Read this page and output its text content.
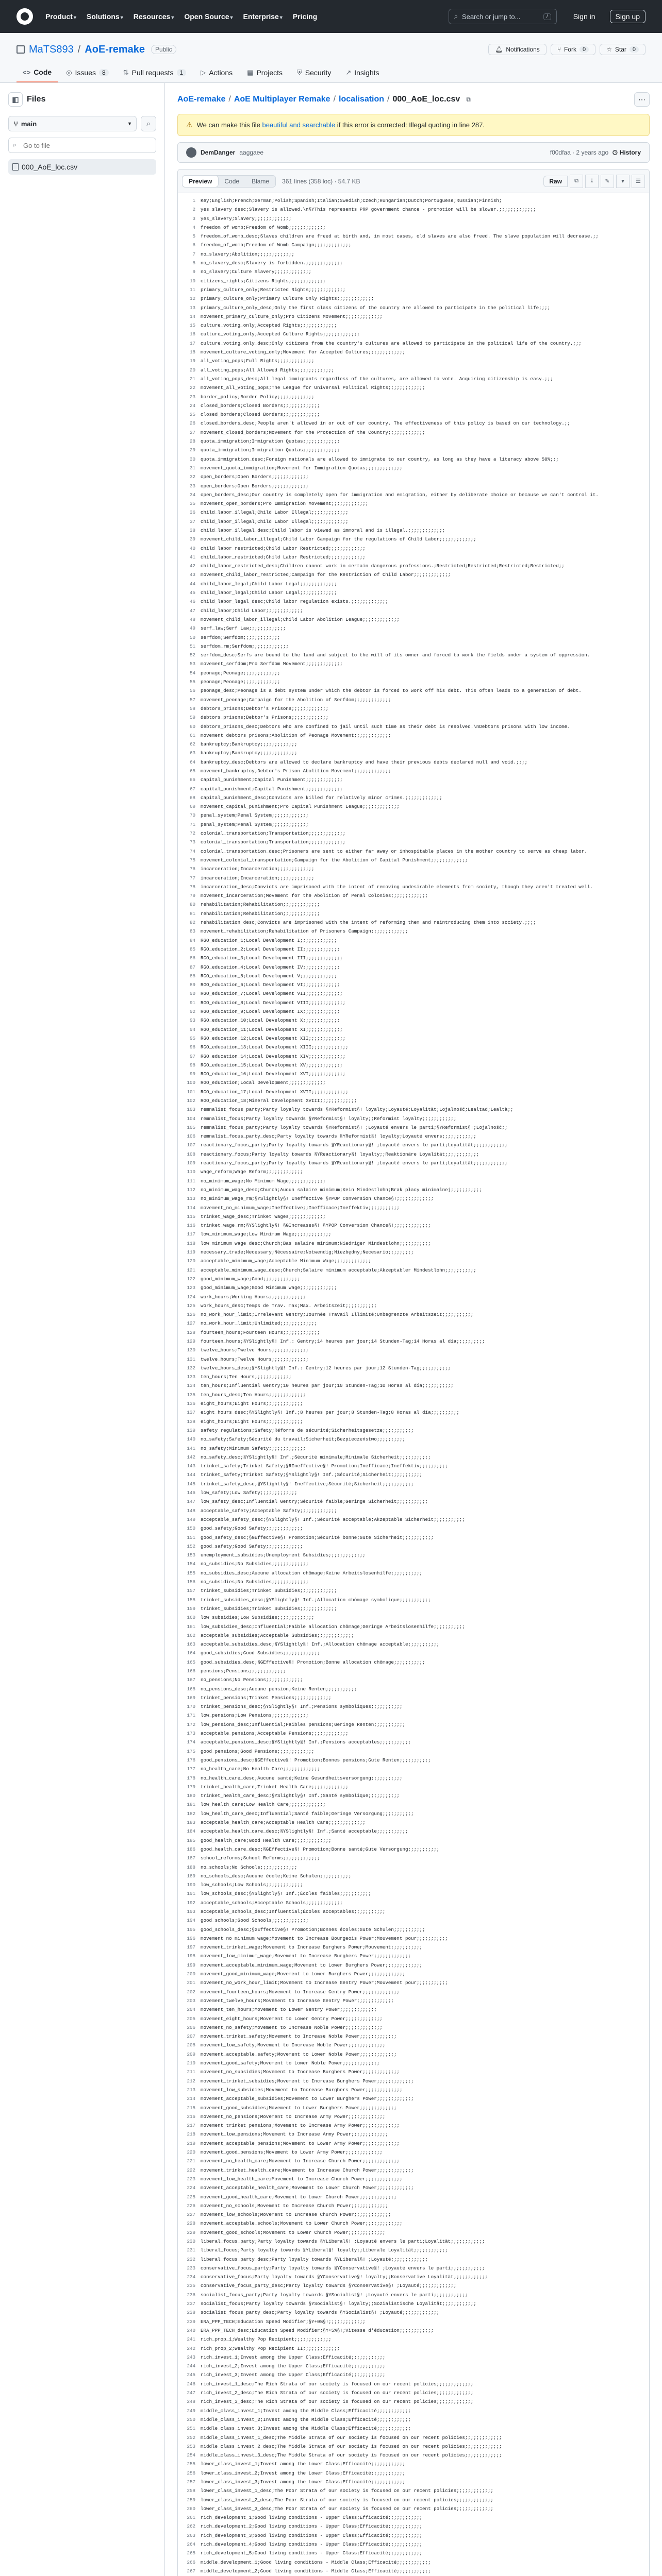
Product ▾ Solutions ▾ Resources ▾ Open Source ▾ Enterprise ▾ Pricing	⌕ Search or jump to...	/	Sign in	Sign up
MaTS893 / AoE-remake	Public	🔔︎ Notifications	⑂ Fork	0	☆ Star	0
<> Code ◎ Issues	8	⇅ Pull requests	1	▷ Actions ▦ Projects ⛨ Security ↗ Insights
◧ Files
⑂ main	▾ ⌕
⌕
Go to file
000_AoE_loc.csv
AoE-remake / AoE Multiplayer Remake / localisation / 000_AoE_loc.csv ⧉	⋯
⚠ We can make this file beautiful and searchable if this error is corrected: Illegal quoting in line 287.
DemDanger aaggaee	f00dfaa · 2 years ago 🕒︎ History
Preview	Code	Blame	361 lines (358 loc) · 54.7 KB	Raw	⧉	⤓	✎	▾	☰
1	Key;English;French;German;Polish;Spanish;Italian;Swedish;Czech;Hungarian;Dutch;Portuguese;Russian;Finnish;
2	yes_slavery_desc;Slavery is allowed.\n§YThis represents PRP government chance - promotion will be slower.;;;;;;;;;;;;;
3	yes_slavery;Slavery;;;;;;;;;;;;;
4	freedom_of_womb;Freedom of Womb;;;;;;;;;;;;;
5	freedom_of_womb_desc;Slaves children are freed at birth and, in most cases, old slaves are also freed. The slave population will decrease.;;
6	freedom_of_womb;Freedom of Womb Campaign;;;;;;;;;;;;;
7	no_slavery;Abolition;;;;;;;;;;;;;
8	no_slavery_desc;Slavery is forbidden.;;;;;;;;;;;;;
9	no_slavery;Culture Slavery;;;;;;;;;;;;;
10	citizens_rights;Citizens Rights;;;;;;;;;;;;;
11	primary_culture_only;Restricted Rights;;;;;;;;;;;;;
12	primary_culture_only;Primary Culture Only Rights;;;;;;;;;;;;;
13	primary_culture_only_desc;Only the first class citizens of the country are allowed to participate in the political life;;;;
14	movement_primary_culture_only;Pro Citizens Movement;;;;;;;;;;;;;
15	culture_voting_only;Accepted Rights;;;;;;;;;;;;;
16	culture_voting_only;Accepted Culture Rights;;;;;;;;;;;;;
17	culture_voting_only_desc;Only citizens from the country's cultures are allowed to participate in the political life of the country.;;;
18	movement_culture_voting_only;Movement for Accepted Cultures;;;;;;;;;;;;;
19	all_voting_pops;Full Rights;;;;;;;;;;;;;
20	all_voting_pops;All Allowed Rights;;;;;;;;;;;;;
21	all_voting_pops_desc;All legal immigrants regardless of the cultures, are allowed to vote. Acquiring citizenship is easy.;;;
22	movement_all_voting_pops;The League for Universal Political Rights;;;;;;;;;;;;;
23	border_policy;Border Policy;;;;;;;;;;;;;
24	closed_borders;Closed Borders;;;;;;;;;;;;;
25	closed_borders;Closed Borders;;;;;;;;;;;;;
26	closed_borders_desc;People aren't allowed in or out of our country. The effectiveness of this policy is based on our technology.;;
27	movement_closed_borders;Movement for the Protection of the Country;;;;;;;;;;;;;
28	quota_immigration;Immigration Quotas;;;;;;;;;;;;;
29	quota_immigration;Immigration Quotas;;;;;;;;;;;;;
30	quota_immigration_desc;Foreign nationals are allowed to immigrate to our country, as long as they have a literacy above 50%;;;
31	movement_quota_immigration;Movement for Immigration Quotas;;;;;;;;;;;;;
32	open_borders;Open Borders;;;;;;;;;;;;;
33	open_borders;Open Borders;;;;;;;;;;;;;
34	open_borders_desc;Our country is completely open for immigration and emigration, either by deliberate choice or because we can't control it.
35	movement_open_borders;Pro Immigration Movement;;;;;;;;;;;;;
36	child_labor_illegal;Child Labor Illegal;;;;;;;;;;;;;
37	child_labor_illegal;Child Labor Illegal;;;;;;;;;;;;;
38	child_labor_illegal_desc;Child labor is viewed as immoral and is illegal.;;;;;;;;;;;;;
39	movement_child_labor_illegal;Child Labor Campaign for the regulations of Child Labor;;;;;;;;;;;;;
40	child_labor_restricted;Child Labor Restricted;;;;;;;;;;;;;
41	child_labor_restricted;Child Labor Restricted;;;;;;;;;;;;;
42	child_labor_restricted_desc;Children cannot work in certain dangerous professions.;Restricted;Restricted;Restricted;Restricted;;
43	movement_child_labor_restricted;Campaign for the Restriction of Child Labor;;;;;;;;;;;;;
44	child_labor_legal;Child Labor Legal;;;;;;;;;;;;;
45	child_labor_legal;Child Labor Legal;;;;;;;;;;;;;
46	child_labor_legal_desc;Child labor regulation exists.;;;;;;;;;;;;;
47	child_labor;Child Labor;;;;;;;;;;;;;
48	movement_child_labor_illegal;Child Labor Abolition League;;;;;;;;;;;;;
49	serf_law;Serf Law;;;;;;;;;;;;;
50	serfdom;Serfdom;;;;;;;;;;;;;
51	serfdom_rm;Serfdom;;;;;;;;;;;;;
52	serfdom_desc;Serfs are bound to the land and subject to the will of its owner and forced to work the fields under a system of oppression.
53	movement_serfdom;Pro Serfdom Movement;;;;;;;;;;;;;
54	peonage;Peonage;;;;;;;;;;;;;
55	peonage;Peonage;;;;;;;;;;;;;
56	peonage_desc;Peonage is a debt system under which the debtor is forced to work off his debt. This often leads to a generation of debt.
57	movement_peonage;Campaign for the Abolition of Serfdom;;;;;;;;;;;;;
58	debtors_prisons;Debtor's Prisons;;;;;;;;;;;;;
59	debtors_prisons;Debtor's Prisons;;;;;;;;;;;;;
60	debtors_prisons_desc;Debtors who are confined to jail until such time as their debt is resolved.\nDebtors prisons with low income.
61	movement_debtors_prisons;Abolition of Peonage Movement;;;;;;;;;;;;;
62	bankruptcy;Bankruptcy;;;;;;;;;;;;;
63	bankruptcy;Bankruptcy;;;;;;;;;;;;;
64	bankruptcy_desc;Debtors are allowed to declare bankruptcy and have their previous debts declared null and void.;;;;
65	movement_bankruptcy;Debtor's Prison Abolition Movement;;;;;;;;;;;;;
66	capital_punishment;Capital Punishment;;;;;;;;;;;;;
67	capital_punishment;Capital Punishment;;;;;;;;;;;;;
68	capital_punishment_desc;Convicts are killed for relatively minor crimes.;;;;;;;;;;;;;
69	movement_capital_punishment;Pro Capital Punishment League;;;;;;;;;;;;;
70	penal_system;Penal System;;;;;;;;;;;;;
71	penal_system;Penal System;;;;;;;;;;;;;
72	colonial_transportation;Transportation;;;;;;;;;;;;;
73	colonial_transportation;Transportation;;;;;;;;;;;;;
74	colonial_transportation_desc;Prisoners are sent to either far away or inhospitable places in the mother country to serve as cheap labor.
75	movement_colonial_transportation;Campaign for the Abolition of Capital Punishment;;;;;;;;;;;;;
76	incarceration;Incarceration;;;;;;;;;;;;;
77	incarceration;Incarceration;;;;;;;;;;;;;
78	incarceration_desc;Convicts are imprisoned with the intent of removing undesirable elements from society, though they aren't treated well.
79	movement_incarceration;Movement for the Abolition of Penal Colonies;;;;;;;;;;;;;
80	rehabilitation;Rehabilitation;;;;;;;;;;;;;
81	rehabilitation;Rehabilitation;;;;;;;;;;;;;
82	rehabilitation_desc;Convicts are imprisoned with the intent of reforming them and reintroducing them into society.;;;;
83	movement_rehabilitation;Rehabilitation of Prisoners Campaign;;;;;;;;;;;;;
84	RGO_education_1;Local Development I;;;;;;;;;;;;;
85	RGO_education_2;Local Development II;;;;;;;;;;;;;
86	RGO_education_3;Local Development III;;;;;;;;;;;;;
87	RGO_education_4;Local Development IV;;;;;;;;;;;;;
88	RGO_education_5;Local Development V;;;;;;;;;;;;;
89	RGO_education_6;Local Development VI;;;;;;;;;;;;;
90	RGO_education_7;Local Development VII;;;;;;;;;;;;;
91	RGO_education_8;Local Development VIII;;;;;;;;;;;;;
92	RGO_education_9;Local Development IX;;;;;;;;;;;;;
93	RGO_education_10;Local Development X;;;;;;;;;;;;;
94	RGO_education_11;Local Development XI;;;;;;;;;;;;;
95	RGO_education_12;Local Development XII;;;;;;;;;;;;;
96	RGO_education_13;Local Development XIII;;;;;;;;;;;;;
97	RGO_education_14;Local Development XIV;;;;;;;;;;;;;
98	RGO_education_15;Local Development XV;;;;;;;;;;;;;
99	RGO_education_16;Local Development XVI;;;;;;;;;;;;;
100	RGO_education;Local Development;;;;;;;;;;;;;
101	RGO_education_17;Local Development XVII;;;;;;;;;;;;;
102	RGO_education_18;Mineral Development XVIII;;;;;;;;;;;;;
103	remnalist_focus_party;Party loyalty towards §YReformist§! loyalty;Loyauté;Loyalität;Lojalność;Lealtad;Lealtà;;
104	remnalist_focus;Party loyalty towards §YReformist§! loyalty;;Reformist loyalty;;;;;;;;;;;;
105	remnalist_focus_party;Party loyalty towards §YReformist§! ;Loyauté envers le parti;§YReformist§!;Lojalność;;
106	remnalist_focus_party_desc;Party loyalty towards §YReformist§! loyalty;Loyauté envers;;;;;;;;;;;;
107	reactionary_focus_party;Party loyalty towards §YReactionary§! ;Loyauté envers le parti;Loyalität;;;;;;;;;;;;
108	reactionary_focus;Party loyalty towards §YReactionary§! loyalty;;Reaktionäre Loyalität;;;;;;;;;;;;
109	reactionary_focus_party;Party loyalty towards §YReactionary§! ;Loyauté envers le parti;Loyalität;;;;;;;;;;;;
110	wage_reform;Wage Reform;;;;;;;;;;;;;
111	no_minimum_wage;No Minimum Wage;;;;;;;;;;;;;
112	no_minimum_wage_desc;Church;Aucun salaire minimum;Kein Mindestlohn;Brak płacy minimalnej;;;;;;;;;;;
113	no_minimum_wage_rm;§YSlightly§! Ineffective §YPOP Conversion Chance§!;;;;;;;;;;;;;
114	movement_no_minimum_wage;Ineffective;;Inefficace;Ineffektiv;;;;;;;;;;;
115	trinket_wage_desc;Trinket Wages;;;;;;;;;;;;;
116	trinket_wage_rm;§YSlightly§! §GIncreases§! §YPOP Conversion Chance§!;;;;;;;;;;;;;
117	low_minimum_wage;Low Minimum Wage;;;;;;;;;;;;;
118	low_minimum_wage_desc;Church;Bas salaire minimum;Niedriger Mindestlohn;;;;;;;;;;;
119	necessary_trade;Necessary;Nécessaire;Notwendig;Niezbędny;Necesario;;;;;;;;;
120	acceptable_minimum_wage;Acceptable Minimum Wage;;;;;;;;;;;;;
121	acceptable_minimum_wage_desc;Church;Salaire minimum acceptable;Akzeptabler Mindestlohn;;;;;;;;;;;
122	good_minimum_wage;Good;;;;;;;;;;;;;
123	good_minimum_wage;Good Minimum Wage;;;;;;;;;;;;;
124	work_hours;Working Hours;;;;;;;;;;;;;
125	work_hours_desc;Temps de Trav. max;Max. Arbeitszeit;;;;;;;;;;;
126	no_work_hour_limit;Irrelevant Gentry;Journée Travail Illimité;Unbegrenzte Arbeitszeit;;;;;;;;;;;
127	no_work_hour_limit;Unlimited;;;;;;;;;;;;;
128	fourteen_hours;Fourteen Hours;;;;;;;;;;;;;
129	fourteen_hours;§YSlightly§! Inf.: Gentry;14 heures par jour;14 Stunden-Tag;14 Horas al día;;;;;;;;;;
130	twelve_hours;Twelve Hours;;;;;;;;;;;;;
131	twelve_hours;Twelve Hours;;;;;;;;;;;;;
132	twelve_hours_desc;§YSlightly§! Inf.: Gentry;12 heures par jour;12 Stunden-Tag;;;;;;;;;;;
133	ten_hours;Ten Hours;;;;;;;;;;;;;
134	ten_hours;Influential Gentry;10 heures par jour;10 Stunden-Tag;10 Horas al día;;;;;;;;;;;
135	ten_hours_desc;Ten Hours;;;;;;;;;;;;;
136	eight_hours;Eight Hours;;;;;;;;;;;;;
137	eight_hours_desc;§YSlightly§! Inf.;8 heures par jour;8 Stunden-Tag;8 Horas al día;;;;;;;;;;
138	eight_hours;Eight Hours;;;;;;;;;;;;;
139	safety_regulations;Safety;Réforme de sécurité;Sicherheitsgesetze;;;;;;;;;;;
140	no_safety;Safety;Sécurité du travail;Sicherheit;Bezpieczeństwo;;;;;;;;;;
141	no_safety;Minimum Safety;;;;;;;;;;;;;
142	no_safety_desc;§YSlightly§! Inf.;Sécurité minimale;Minimale Sicherheit;;;;;;;;;;;
143	trinket_safety;Trinket Safety;§RIneffective§! Promotion;Inefficace;Ineffektiv;;;;;;;;;;
144	trinket_safety;Trinket Safety;§YSlightly§! Inf.;Sécurité;Sicherheit;;;;;;;;;;;
145	trinket_safety_desc;§YSlightly§! Ineffective;Sécurité;Sicherheit;;;;;;;;;;;
146	low_safety;Low Safety;;;;;;;;;;;;;
147	low_safety_desc;Influential Gentry;Sécurité faible;Geringe Sicherheit;;;;;;;;;;;
148	acceptable_safety;Acceptable Safety;;;;;;;;;;;;;
149	acceptable_safety_desc;§YSlightly§! Inf.;Sécurité acceptable;Akzeptable Sicherheit;;;;;;;;;;;
150	good_safety;Good Safety;;;;;;;;;;;;;
151	good_safety_desc;§GEffective§! Promotion;Sécurité bonne;Gute Sicherheit;;;;;;;;;;;
152	good_safety;Good Safety;;;;;;;;;;;;;
153	unemployment_subsidies;Unemployment Subsidies;;;;;;;;;;;;;
154	no_subsidies;No Subsidies;;;;;;;;;;;;;
155	no_subsidies_desc;Aucune allocation chômage;Keine Arbeitslosenhilfe;;;;;;;;;;;
156	no_subsidies;No Subsidies;;;;;;;;;;;;;
157	trinket_subsidies;Trinket Subsidies;;;;;;;;;;;;;
158	trinket_subsidies_desc;§YSlightly§! Inf.;Allocation chômage symbolique;;;;;;;;;;;
159	trinket_subsidies;Trinket Subsidies;;;;;;;;;;;;;
160	low_subsidies;Low Subsidies;;;;;;;;;;;;;
161	low_subsidies_desc;Influential;Faible allocation chômage;Geringe Arbeitslosenhilfe;;;;;;;;;;;
162	acceptable_subsidies;Acceptable Subsidies;;;;;;;;;;;;;
163	acceptable_subsidies_desc;§YSlightly§! Inf.;Allocation chômage acceptable;;;;;;;;;;;
164	good_subsidies;Good Subsidies;;;;;;;;;;;;;
165	good_subsidies_desc;§GEffective§! Promotion;Bonne allocation chômage;;;;;;;;;;;
166	pensions;Pensions;;;;;;;;;;;;;
167	no_pensions;No Pensions;;;;;;;;;;;;;
168	no_pensions_desc;Aucune pension;Keine Renten;;;;;;;;;;;
169	trinket_pensions;Trinket Pensions;;;;;;;;;;;;;
170	trinket_pensions_desc;§YSlightly§! Inf.;Pensions symboliques;;;;;;;;;;;
171	low_pensions;Low Pensions;;;;;;;;;;;;;
172	low_pensions_desc;Influential;Faibles pensions;Geringe Renten;;;;;;;;;;;
173	acceptable_pensions;Acceptable Pensions;;;;;;;;;;;;;
174	acceptable_pensions_desc;§YSlightly§! Inf.;Pensions acceptables;;;;;;;;;;;
175	good_pensions;Good Pensions;;;;;;;;;;;;;
176	good_pensions_desc;§GEffective§! Promotion;Bonnes pensions;Gute Renten;;;;;;;;;;;
177	no_health_care;No Health Care;;;;;;;;;;;;;
178	no_health_care_desc;Aucune santé;Keine Gesundheitsversorgung;;;;;;;;;;;
179	trinket_health_care;Trinket Health Care;;;;;;;;;;;;;
180	trinket_health_care_desc;§YSlightly§! Inf.;Santé symbolique;;;;;;;;;;;
181	low_health_care;Low Health Care;;;;;;;;;;;;;
182	low_health_care_desc;Influential;Santé faible;Geringe Versorgung;;;;;;;;;;;
183	acceptable_health_care;Acceptable Health Care;;;;;;;;;;;;;
184	acceptable_health_care_desc;§YSlightly§! Inf.;Santé acceptable;;;;;;;;;;;
185	good_health_care;Good Health Care;;;;;;;;;;;;;
186	good_health_care_desc;§GEffective§! Promotion;Bonne santé;Gute Versorgung;;;;;;;;;;;
187	school_reforms;School Reforms;;;;;;;;;;;;;
188	no_schools;No Schools;;;;;;;;;;;;;
189	no_schools_desc;Aucune école;Keine Schulen;;;;;;;;;;;
190	low_schools;Low Schools;;;;;;;;;;;;;
191	low_schools_desc;§YSlightly§! Inf.;Écoles faibles;;;;;;;;;;;
192	acceptable_schools;Acceptable Schools;;;;;;;;;;;;;
193	acceptable_schools_desc;Influential;Écoles acceptables;;;;;;;;;;;
194	good_schools;Good Schools;;;;;;;;;;;;;
195	good_schools_desc;§GEffective§! Promotion;Bonnes écoles;Gute Schulen;;;;;;;;;;;
196	movement_no_minimum_wage;Movement to Increase Bourgeois Power;Mouvement pour;;;;;;;;;;;
197	movement_trinket_wage;Movement to Increase Burghers Power;Mouvement;;;;;;;;;;;
198	movement_low_minimum_wage;Movement to Increase Burghers Power;;;;;;;;;;;;;
199	movement_acceptable_minimum_wage;Movement to Lower Burghers Power;;;;;;;;;;;;;
200	movement_good_minimum_wage;Movement to Lower Burghers Power;;;;;;;;;;;;;
201	movement_no_work_hour_limit;Movement to Increase Gentry Power;Mouvement pour;;;;;;;;;;;
202	movement_fourteen_hours;Movement to Increase Gentry Power;;;;;;;;;;;;;
203	movement_twelve_hours;Movement to Increase Gentry Power;;;;;;;;;;;;;
204	movement_ten_hours;Movement to Lower Gentry Power;;;;;;;;;;;;;
205	movement_eight_hours;Movement to Lower Gentry Power;;;;;;;;;;;;;
206	movement_no_safety;Movement to Increase Noble Power;;;;;;;;;;;;;
207	movement_trinket_safety;Movement to Increase Noble Power;;;;;;;;;;;;;
208	movement_low_safety;Movement to Increase Noble Power;;;;;;;;;;;;;
209	movement_acceptable_safety;Movement to Lower Noble Power;;;;;;;;;;;;;
210	movement_good_safety;Movement to Lower Noble Power;;;;;;;;;;;;;
211	movement_no_subsidies;Movement to Increase Burghers Power;;;;;;;;;;;;;
212	movement_trinket_subsidies;Movement to Increase Burghers Power;;;;;;;;;;;;;
213	movement_low_subsidies;Movement to Increase Burghers Power;;;;;;;;;;;;;
214	movement_acceptable_subsidies;Movement to Lower Burghers Power;;;;;;;;;;;;;
215	movement_good_subsidies;Movement to Lower Burghers Power;;;;;;;;;;;;;
216	movement_no_pensions;Movement to Increase Army Power;;;;;;;;;;;;;
217	movement_trinket_pensions;Movement to Increase Army Power;;;;;;;;;;;;;
218	movement_low_pensions;Movement to Increase Army Power;;;;;;;;;;;;;
219	movement_acceptable_pensions;Movement to Lower Army Power;;;;;;;;;;;;;
220	movement_good_pensions;Movement to Lower Army Power;;;;;;;;;;;;;
221	movement_no_health_care;Movement to Increase Church Power;;;;;;;;;;;;;
222	movement_trinket_health_care;Movement to Increase Church Power;;;;;;;;;;;;;
223	movement_low_health_care;Movement to Increase Church Power;;;;;;;;;;;;;
224	movement_acceptable_health_care;Movement to Lower Church Power;;;;;;;;;;;;;
225	movement_good_health_care;Movement to Lower Church Power;;;;;;;;;;;;;
226	movement_no_schools;Movement to Increase Church Power;;;;;;;;;;;;;
227	movement_low_schools;Movement to Increase Church Power;;;;;;;;;;;;;
228	movement_acceptable_schools;Movement to Lower Church Power;;;;;;;;;;;;;
229	movement_good_schools;Movement to Lower Church Power;;;;;;;;;;;;;
230	liberal_focus_party;Party loyalty towards §YLiberal§! ;Loyauté envers le parti;Loyalität;;;;;;;;;;;;
231	liberal_focus;Party loyalty towards §YLiberal§! loyalty;;Liberale Loyalität;;;;;;;;;;;;
232	liberal_focus_party_desc;Party loyalty towards §YLiberal§! ;Loyauté;;;;;;;;;;;;;
233	conservative_focus_party;Party loyalty towards §YConservative§! ;Loyauté envers le parti;;;;;;;;;;;;
234	conservative_focus;Party loyalty towards §YConservative§! loyalty;;Konservative Loyalität;;;;;;;;;;;;
235	conservative_focus_party_desc;Party loyalty towards §YConservative§! ;Loyauté;;;;;;;;;;;;;
236	socialist_focus_party;Party loyalty towards §YSocialist§! ;Loyauté envers le parti;;;;;;;;;;;;
237	socialist_focus;Party loyalty towards §YSocialist§! loyalty;;Sozialistische Loyalität;;;;;;;;;;;;
238	socialist_focus_party_desc;Party loyalty towards §YSocialist§! ;Loyauté;;;;;;;;;;;;;
239	ERA_PPP_TECH;Education Speed Modifier;§Y+0%§!;;;;;;;;;;;;;
240	ERA_PPP_TECH_desc;Education Speed Modifier;§Y+5%§!;Vitesse d'éducation;;;;;;;;;;;;
241	rich_prop_1;Wealthy Pop Recipient;;;;;;;;;;;;;
242	rich_prop_2;Wealthy Pop Recipient II;;;;;;;;;;;;;
243	rich_invest_1;Invest among the Upper Class;Efficacité;;;;;;;;;;;;
244	rich_invest_2;Invest among the Upper Class;Efficacité;;;;;;;;;;;;
245	rich_invest_3;Invest among the Upper Class;Efficacité;;;;;;;;;;;;
246	rich_invest_1_desc;The Rich Strata of our society is focused on our recent policies;;;;;;;;;;;;;
247	rich_invest_2_desc;The Rich Strata of our society is focused on our recent policies;;;;;;;;;;;;;
248	rich_invest_3_desc;The Rich Strata of our society is focused on our recent policies;;;;;;;;;;;;;
249	middle_class_invest_1;Invest among the Middle Class;Efficacité;;;;;;;;;;;;
250	middle_class_invest_2;Invest among the Middle Class;Efficacité;;;;;;;;;;;;
251	middle_class_invest_3;Invest among the Middle Class;Efficacité;;;;;;;;;;;;
252	middle_class_invest_1_desc;The Middle Strata of our society is focused on our recent policies;;;;;;;;;;;;;
253	middle_class_invest_2_desc;The Middle Strata of our society is focused on our recent policies;;;;;;;;;;;;;
254	middle_class_invest_3_desc;The Middle Strata of our society is focused on our recent policies;;;;;;;;;;;;;
255	lower_class_invest_1;Invest among the Lower Class;Efficacité;;;;;;;;;;;;
256	lower_class_invest_2;Invest among the Lower Class;Efficacité;;;;;;;;;;;;
257	lower_class_invest_3;Invest among the Lower Class;Efficacité;;;;;;;;;;;;
258	lower_class_invest_1_desc;The Poor Strata of our society is focused on our recent policies;;;;;;;;;;;;;
259	lower_class_invest_2_desc;The Poor Strata of our society is focused on our recent policies;;;;;;;;;;;;;
260	lower_class_invest_3_desc;The Poor Strata of our society is focused on our recent policies;;;;;;;;;;;;;
261	rich_development_1;Good living conditions - Upper Class;Efficacité;;;;;;;;;;;;
262	rich_development_2;Good living conditions - Upper Class;Efficacité;;;;;;;;;;;;
263	rich_development_3;Good living conditions - Upper Class;Efficacité;;;;;;;;;;;;
264	rich_development_4;Good living conditions - Upper Class;Efficacité;;;;;;;;;;;;
265	rich_development_5;Good living conditions - Upper Class;Efficacité;;;;;;;;;;;;
266	middle_development_1;Good living conditions - Middle Class;Efficacité;;;;;;;;;;;;
267	middle_development_2;Good living conditions - Middle Class;Efficacité;;;;;;;;;;;;
